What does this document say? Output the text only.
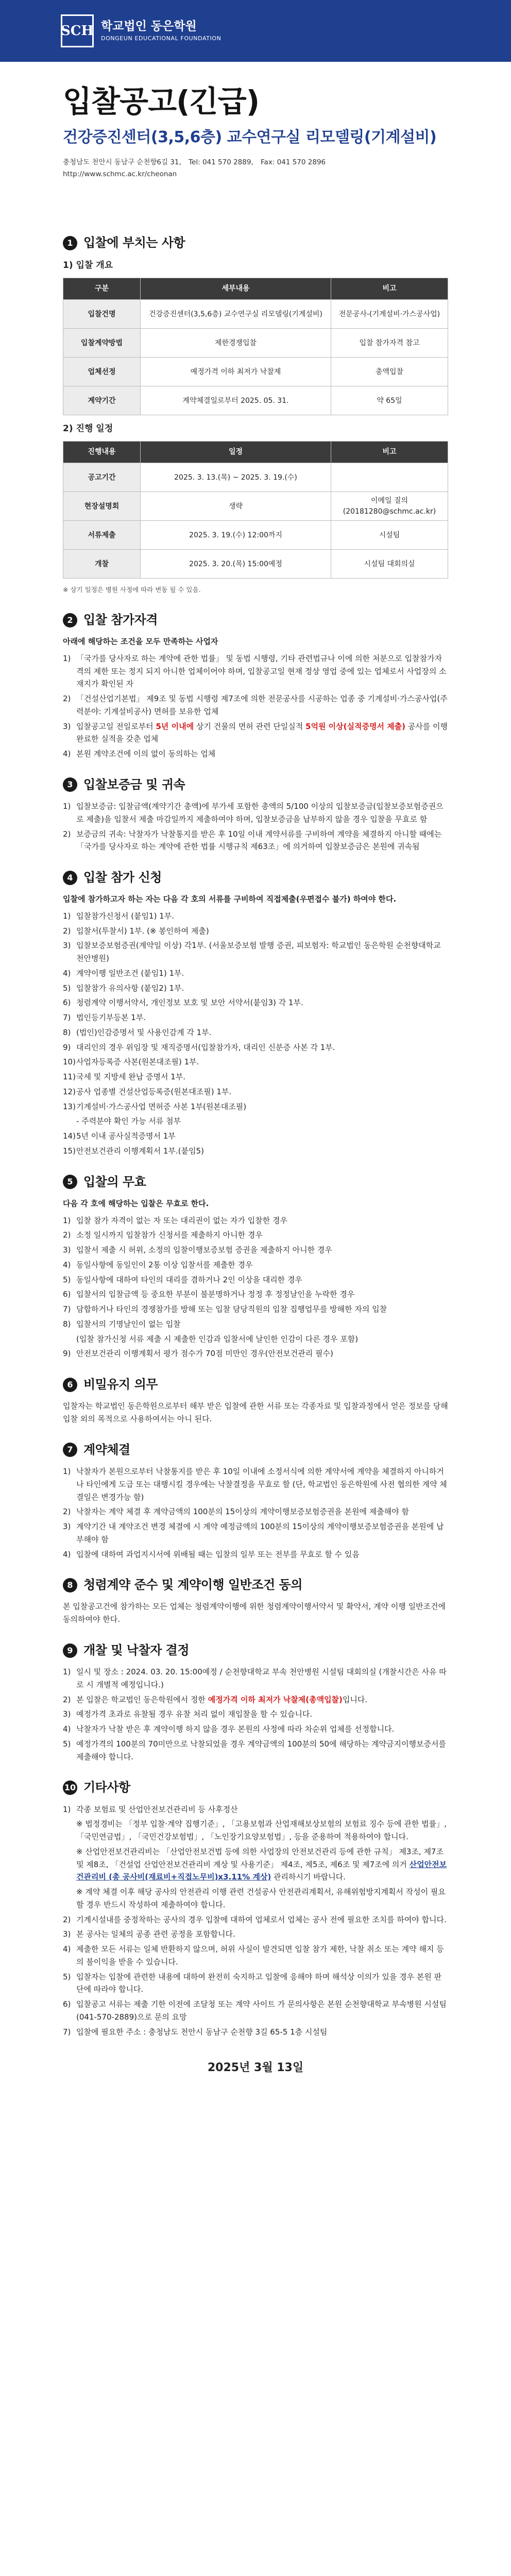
SCH 학교법인 동은학원
DONGEUN EDUCATIONAL FOUNDATION
입찰공고(긴급)
건강증진센터(3,5,6층) 교수연구실 리모델링(기계설비)
충청남도 천안시 동남구 순천향6길 31, Tel: 041 570 2889, Fax: 041 570 2896
http://www.schmc.ac.kr/cheonan
1 입찰에 부치는 사항
1) 입찰 개요
구분	세부내용	비고
입찰건명	건강증진센터(3,5,6층) 교수연구실 리모델링(기계설비)	전문공사-(기계설비·가스공사업)
입찰계약방법	제한경쟁입찰	입찰 참가자격 참고
업체선정	예정가격 이하 최저가 낙찰제	총액입찰
계약기간	계약체결일로부터 2025. 05. 31.	약 65일
2) 진행 일정
진행내용	일정	비고
공고기간	2025. 3. 13.(목) ~ 2025. 3. 19.(수)	
현장설명회	생략	이메일 질의 (20181280@schmc.ac.kr)
서류제출	2025. 3. 19.(수) 12:00까지	시설팀
개찰	2025. 3. 20.(목) 15:00예정	시설팀 대회의실
※ 상기 일정은 병원 사정에 따라 변동 될 수 있음.
2 입찰 참가자격
아래에 해당하는 조건을 모두 만족하는 사업자
1) 「국가를 당사자로 하는 계약에 관한 법률」 및 동법 시행령, 기타 관련법규나 이에 의한 처분으로 입찰참가자격의 제한 또는 정지 되지 아니한 업체이어야 하며, 입찰공고일 현재 정상 영업 중에 있는 업체로서 사업장의 소재지가 확인된 자
2) 「건설산업기본법」 제9조 및 동법 시행령 제7조에 의한 전문공사를 시공하는 업종 중 기계설비·가스공사업(주력분야: 기계설비공사) 면허를 보유한 업체
3) 입찰공고일 전일로부터 5년 이내에 상기 건물의 면허 관련 단일실적 5억원 이상(실적증명서 제출) 공사를 이행 완료한 실적을 갖춘 업체
4) 본원 계약조건에 이의 없이 동의하는 업체
3 입찰보증금 및 귀속
1) 입찰보증금: 입찰금액(계약기간 총액)에 부가세 포함한 총액의 5/100 이상의 입찰보증금(입찰보증보험증권으로 제출)을 입찰서 제출 마감일까지 제출하여야 하며, 입찰보증금을 납부하지 않을 경우 입찰을 무효로 함
2) 보증금의 귀속: 낙찰자가 낙찰통지를 받은 후 10일 이내 계약서류를 구비하여 계약을 체결하지 아니할 때에는 「국가를 당사자로 하는 계약에 관한 법률 시행규칙 제63조」에 의거하여 입찰보증금은 본원에 귀속됨
4 입찰 참가 신청
입찰에 참가하고자 하는 자는 다음 각 호의 서류를 구비하여 직접제출(우편접수 불가) 하여야 한다.
1) 입찰참가신청서 (붙임1) 1부.
2) 입찰서(투찰서) 1부. (※ 봉인하여 제출)
3) 입찰보증보험증권(계약일 이상) 각1부. (서울보증보험 발행 증권, 피보험자: 학교법인 동은학원 순천향대학교 천안병원)
4) 계약이행 일반조건 (붙임1) 1부.
5) 입찰참가 유의사항 (붙임2) 1부.
6) 청렴계약 이행서약서, 개인정보 보호 및 보안 서약서(붙임3) 각 1부.
7) 법인등기부등본 1부.
8) (법인)인감증명서 및 사용인감계 각 1부.
9) 대리인의 경우 위임장 및 재직증명서(입찰참가자, 대리인 신분증 사본 각 1부.
10) 사업자등록증 사본(원본대조필) 1부.
11) 국세 및 지방세 완납 증명서 1부.
12) 공사 업종별 건설산업등록증(원본대조필) 1부.
13) 기계설비·가스공사업 면허증 사본 1부(원본대조필)
- 주력분야 확인 가능 서류 첨부
14) 5년 이내 공사실적증명서 1부
15) 안전보건관리 이행계획서 1부.(붙임5)
5 입찰의 무효
다음 각 호에 해당하는 입찰은 무효로 한다.
1) 입찰 참가 자격이 없는 자 또는 대리권이 없는 자가 입찰한 경우
2) 소정 일시까지 입찰참가 신청서를 제출하지 아니한 경우
3) 입찰서 제출 시 허위, 소정의 입찰이행보증보험 증권을 제출하지 아니한 경우
4) 동일사항에 동일인이 2통 이상 입찰서를 제출한 경우
5) 동일사항에 대하여 타인의 대리를 겸하거나 2인 이상을 대리한 경우
6) 입찰서의 입찰금액 등 중요한 부분이 불분명하거나 정정 후 정정날인을 누락한 경우
7) 담합하거나 타인의 경쟁참가를 방해 또는 입찰 담당직원의 입찰 집행업무를 방해한 자의 입찰
8) 입찰서의 기명날인이 없는 입찰
(입찰 참가신청 서류 제출 시 제출한 인감과 입찰서에 날인한 인감이 다른 경우 포함)
9) 안전보건관리 이행계획서 평가 점수가 70점 미만인 경우(안전보건관리 필수)
6 비밀유지 의무
입찰자는 학교법인 동은학원으로부터 해부 받은 입찰에 관한 서류 또는 각종자료 및 입찰과정에서 얻은 정보를 당해 입찰 외의 목적으로 사용하여서는 아니 된다.
7 계약체결
1) 낙찰자가 본원으로부터 낙찰통지를 받은 후 10일 이내에 소정서식에 의한 계약서에 계약을 체결하지 아니하거나 타인에게 도급 또는 대행시킬 경우에는 낙찰결정을 무효로 할 (단, 학교법인 동은학원에 사전 협의한 계약 체결일은 변경가능 함)
2) 낙찰자는 계약 체결 후 계약금액의 100분의 15이상의 계약이행보증보험증권을 본원에 제출해야 함
3) 계약기간 내 계약조건 변경 체결에 시 계약 예정금액의 100분의 15이상의 계약이행보증보험증권을 본원에 납부해야 함
4) 입찰에 대하여 과업지시서에 위배될 때는 입찰의 일부 또는 전부를 무효로 할 수 있음
8 청렴계약 준수 및 계약이행 일반조건 동의
본 입찰공고건에 참가하는 모든 업체는 청렴계약이행에 위한 청렴계약이행서약서 및 확약서, 계약 이행 일반조건에 동의하여야 한다.
9 개찰 및 낙찰자 결정
1) 일시 및 장소 : 2024. 03. 20. 15:00예정 / 순천향대학교 부속 천안병원 시설팀 대회의실 (개찰시간은 사유 따로 시 개별적 예정입니다.)
2) 본 입찰은 학교법인 동은학원에서 정한 예정가격 이하 최저가 낙찰제(총액입찰)입니다.
3) 예정가격 초과로 유찰될 경우 유찰 처리 없이 재입찰을 할 수 있습니다.
4) 낙찰자가 낙찰 받은 후 계약이행 하지 않을 경우 본원의 사정에 따라 차순위 업체를 선정합니다.
5) 예정가격의 100분의 70미만으로 낙찰되었을 경우 계약금액의 100분의 50에 해당하는 계약금지이행보증서를 제출해야 합니다.
10 기타사항
1) 각종 보험료 및 산업안전보건관리비 등 사후정산
※ 법정경비는 「정부 입찰·계약 집행기준」, 「고용보험과 산업재해보상보험의 보험료 징수 등에 관한 법률」, 「국민연금법」, 「국민건강보험법」, 「노인장기요양보험법」, 등을 준용하여 적용하여야 합니다.
※ 산업안전보건관리비는 「산업안전보건법 등에 의한 사업장의 안전보건관리 등에 관한 규칙」 제3조, 제7조 및 제8조, 「건설업 산업안전보건관리비 계상 및 사용기준」 제4조, 제5조, 제6조 및 제7조에 의거 산업안전보건관리비 (총 공사비(재료비+직접노무비)x3.11% 계상) 관리하시기 바랍니다.
※ 계약 체결 이후 해당 공사의 안전관리 이행 관련 건설공사 안전관리계획서, 유해위험방지계획서 작성이 필요할 경우 반드시 작성하여 제출하여야 합니다.
2) 기계시설내를 중정착하는 공사의 경우 입찰에 대하여 업체로서 업체는 공사 전에 필요한 조치를 하여야 합니다.
3) 본 공사는 일체의 공종 관련 공정을 포함합니다.
4) 제출한 모든 서류는 일체 반환하지 않으며, 허위 사실이 발견되면 입찰 참가 제한, 낙찰 취소 또는 계약 해지 등의 불이익을 받을 수 있습니다.
5) 입찰자는 입찰에 관련한 내용에 대하여 완전히 숙지하고 입찰에 응해야 하며 해석상 이의가 있을 경우 본원 판단에 따라야 합니다.
6) 입찰공고 서류는 제출 기한 이전에 조달청 또는 계약 사이트 가 문의사항은 본원 순천향대학교 부속병원 시설팀(041-570-2889)으로 문의 요망
7) 입찰에 필요한 주소 : 충청남도 천안시 동남구 순천향 3길 65-5 1층 시설팀
2025년 3월 13일
